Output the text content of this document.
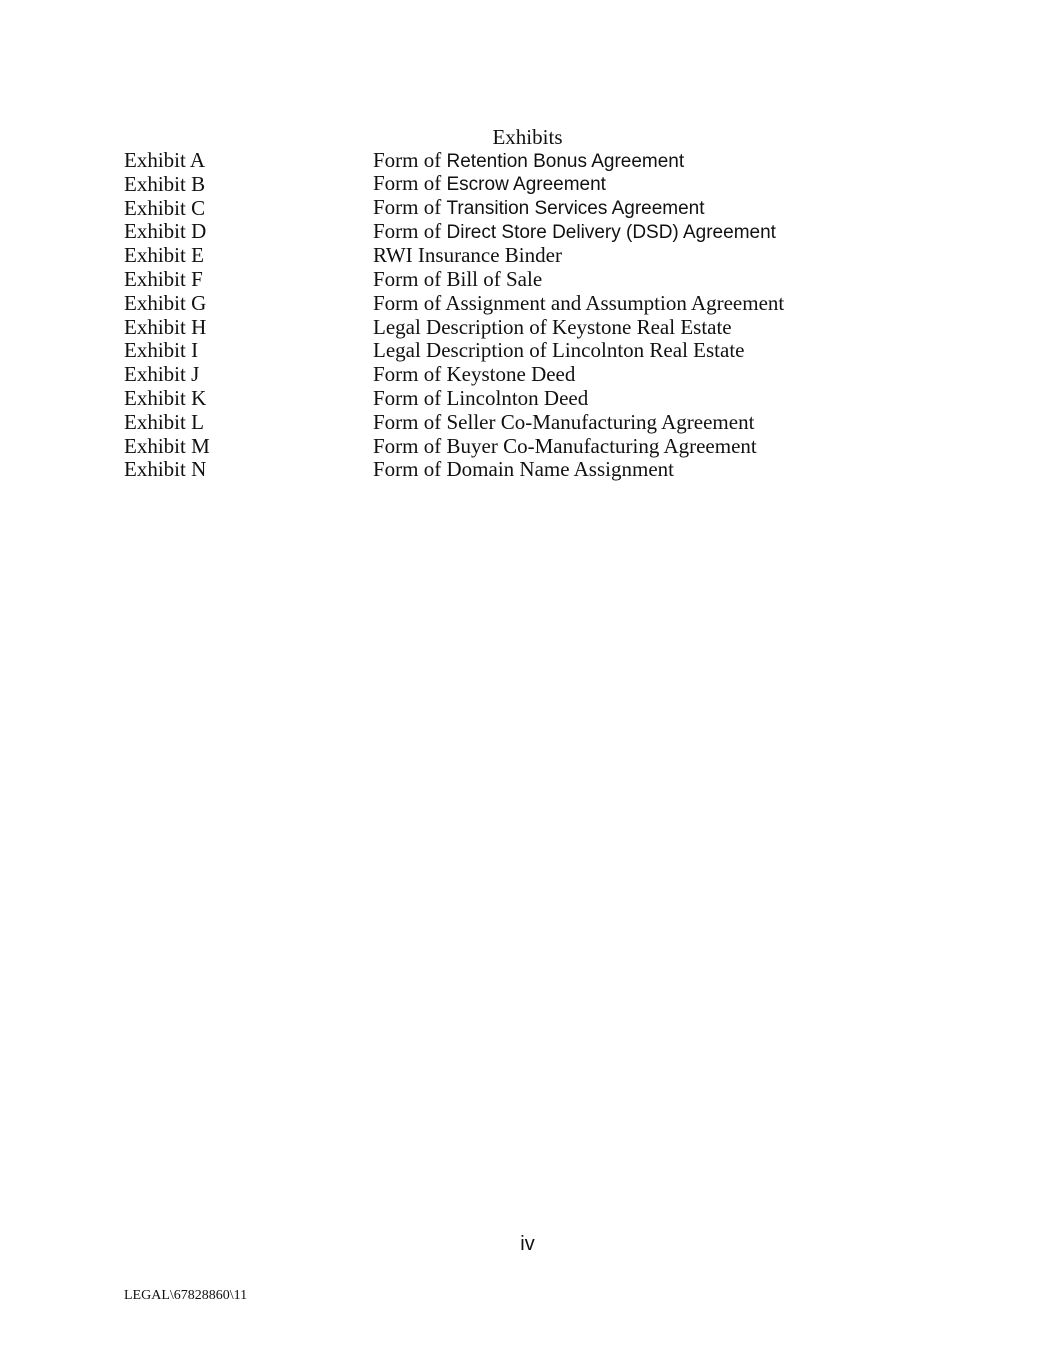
Exhibits
Exhibit A	Form of Retention Bonus Agreement
Exhibit B	Form of Escrow Agreement
Exhibit C	Form of Transition Services Agreement
Exhibit D	Form of Direct Store Delivery (DSD) Agreement
Exhibit E	RWI Insurance Binder
Exhibit F	Form of Bill of Sale
Exhibit G	Form of Assignment and Assumption Agreement
Exhibit H	Legal Description of Keystone Real Estate
Exhibit I	Legal Description of Lincolnton Real Estate
Exhibit J	Form of Keystone Deed
Exhibit K	Form of Lincolnton Deed
Exhibit L	Form of Seller Co-Manufacturing Agreement
Exhibit M	Form of Buyer Co-Manufacturing Agreement
Exhibit N	Form of Domain Name Assignment
iv
LEGAL\67828860\11
